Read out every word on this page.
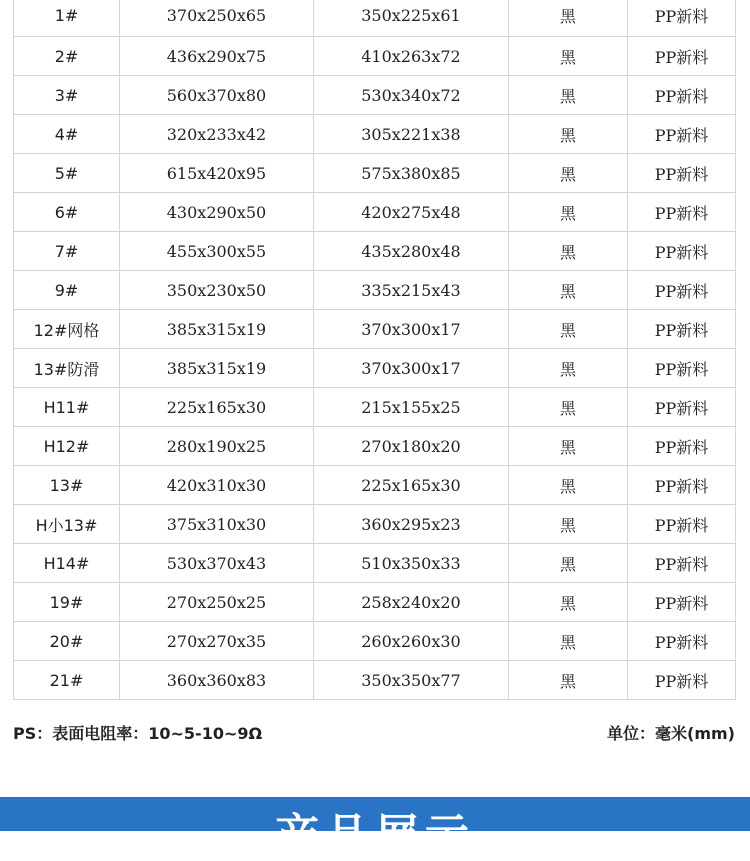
1#	370x250x65	350x225x61	黑	PP新料
2#	436x290x75	410x263x72	黑	PP新料
3#	560x370x80	530x340x72	黑	PP新料
4#	320x233x42	305x221x38	黑	PP新料
5#	615x420x95	575x380x85	黑	PP新料
6#	430x290x50	420x275x48	黑	PP新料
7#	455x300x55	435x280x48	黑	PP新料
9#	350x230x50	335x215x43	黑	PP新料
12#网格	385x315x19	370x300x17	黑	PP新料
13#防滑	385x315x19	370x300x17	黑	PP新料
H11#	225x165x30	215x155x25	黑	PP新料
H12#	280x190x25	270x180x20	黑	PP新料
13#	420x310x30	225x165x30	黑	PP新料
H小13#	375x310x30	360x295x23	黑	PP新料
H14#	530x370x43	510x350x33	黑	PP新料
19#	270x250x25	258x240x20	黑	PP新料
20#	270x270x35	260x260x30	黑	PP新料
21#	360x360x83	350x350x77	黑	PP新料
PS：表面电阻率：10~5-10~9Ω	单位：毫米(mm)
产品展示
